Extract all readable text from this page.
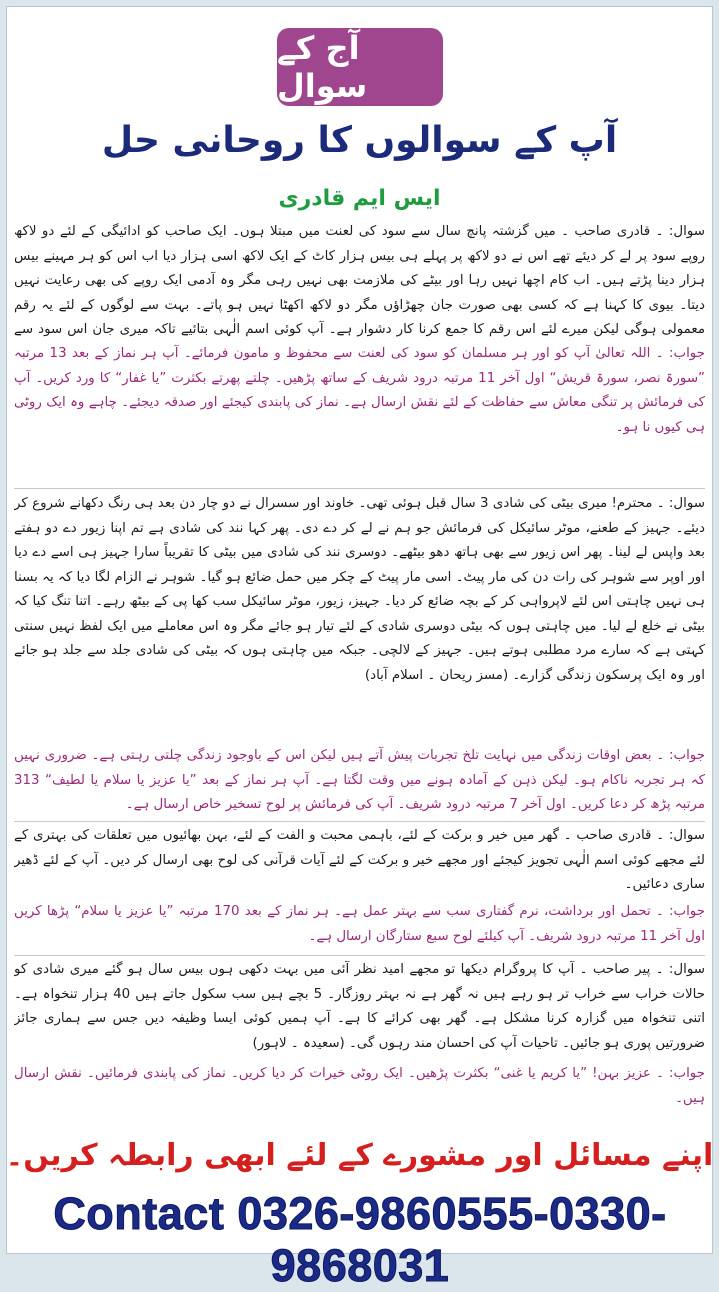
آج کے سوال
آپ کے سوالوں کا روحانی حل
ایس ایم قادری
سوال: ۔ قادری صاحب ۔ میں گزشتہ پانچ سال سے سود کی لعنت میں مبتلا ہوں۔ ایک صاحب کو ادائیگی کے لئے دو لاکھ روپے سود پر لے کر دیئے تھے اس نے دو لاکھ پر پہلے ہی بیس ہزار کاٹ کے ایک لاکھ اسی ہزار دیا اب اس کو ہر مہینے بیس ہزار دینا پڑتے ہیں۔ اب کام اچھا نہیں رہا اور بیٹے کی ملازمت بھی نہیں رہی مگر وہ آدمی ایک روپے کی بھی رعایت نہیں دیتا۔ بیوی کا کہنا ہے کہ کسی بھی صورت جان چھڑاؤں مگر دو لاکھ اکھٹا نہیں ہو پاتے۔ بہت سے لوگوں کے لئے یہ رقم معمولی ہوگی لیکن میرے لئے اس رقم کا جمع کرنا کار دشوار ہے۔ آپ کوئی اسم الٰہی بتائیے تاکہ میری جان اس سود سے
جواب: ۔ اللہ تعالیٰ آپ کو اور ہر مسلمان کو سود کی لعنت سے محفوظ و مامون فرمائے۔ آپ ہر نماز کے بعد 13 مرتبہ ”سورۃ نصر، سورۃ قریش“ اول آخر 11 مرتبہ درود شریف کے ساتھ پڑھیں۔ چلتے پھرتے بکثرت ”یا غفار“ کا ورد کریں۔ آپ کی فرمائش پر تنگی معاش سے حفاظت کے لئے نقش ارسال ہے۔ نماز کی پابندی کیجئے اور صدقہ دیجئے۔ چاہے وہ ایک روٹی ہی کیوں نا ہو۔
سوال: ۔ محترم! میری بیٹی کی شادی 3 سال قبل ہوئی تھی۔ خاوند اور سسرال نے دو چار دن بعد ہی رنگ دکھانے شروع کر دیئے۔ جہیز کے طعنے، موٹر سائیکل کی فرمائش جو ہم نے لے کر دے دی۔ پھر کہا نند کی شادی ہے تم اپنا زیور دے دو ہفتے بعد واپس لے لینا۔ پھر اس زیور سے بھی ہاتھ دھو بیٹھے۔ دوسری نند کی شادی میں بیٹی کا تقریباً سارا جہیز ہی اسے دے دیا اور اوپر سے شوہر کی رات دن کی مار پیٹ۔ اسی مار پیٹ کے چکر میں حمل ضائع ہو گیا۔ شوہر نے الزام لگا دیا کہ یہ بسنا ہی نہیں چاہتی اس لئے لاپرواہی کر کے بچہ ضائع کر دیا۔ جہیز، زیور، موٹر سائیکل سب کھا پی کے بیٹھ رہے۔ اتنا تنگ کیا کہ بیٹی نے خلع لے لیا۔ میں چاہتی ہوں کہ بیٹی دوسری شادی کے لئے تیار ہو جائے مگر وہ اس معاملے میں ایک لفظ نہیں سنتی کہتی ہے کہ سارے مرد مطلبی ہوتے ہیں۔ جہیز کے لالچی۔ جبکہ میں چاہتی ہوں کہ بیٹی کی شادی جلد سے جلد ہو جائے اور وہ ایک پرسکون زندگی گزارے۔ (مسز ریحان ۔ اسلام آباد)
جواب: ۔ بعض اوقات زندگی میں نہایت تلخ تجربات پیش آتے ہیں لیکن اس کے باوجود زندگی چلتی رہتی ہے۔ ضروری نہیں کہ ہر تجربہ ناکام ہو۔ لیکن ذہن کے آمادہ ہونے میں وقت لگتا ہے۔ آپ ہر نماز کے بعد ”یا عزیز یا سلام یا لطیف“ 313 مرتبہ پڑھ کر دعا کریں۔ اول آخر 7 مرتبہ درود شریف۔ آپ کی فرمائش پر لوح تسخیر خاص ارسال ہے۔
سوال: ۔ قادری صاحب ۔ گھر میں خیر و برکت کے لئے، باہمی محبت و الفت کے لئے، بہن بھائیوں میں تعلقات کی بہتری کے لئے مجھے کوئی اسم الٰہی تجویز کیجئے اور مجھے خیر و برکت کے لئے آیات قرآنی کی لوح بھی ارسال کر دیں۔ آپ کے لئے ڈھیر ساری دعائیں۔
جواب: ۔ تحمل اور برداشت، نرم گفتاری سب سے بہتر عمل ہے۔ ہر نماز کے بعد 170 مرتبہ ”یا عزیز یا سلام“ پڑھا کریں اول آخر 11 مرتبہ درود شریف۔ آپ کیلئے لوح سبع ستارگان ارسال ہے۔
سوال: ۔ پیر صاحب ۔ آپ کا پروگرام دیکھا تو مجھے امید نظر آئی میں بہت دکھی ہوں بیس سال ہو گئے میری شادی کو حالات خراب سے خراب تر ہو رہے ہیں نہ گھر ہے نہ بہتر روزگار۔ 5 بچے ہیں سب سکول جاتے ہیں 40 ہزار تنخواہ ہے۔ اتنی تنخواہ میں گزارہ کرنا مشکل ہے۔ گھر بھی کرائے کا ہے۔ آپ ہمیں کوئی ایسا وظیفہ دیں جس سے ہماری جائز ضرورتیں پوری ہو جائیں۔ تاحیات آپ کی احسان مند رہوں گی۔ (سعیدہ ۔ لاہور)
جواب: ۔ عزیز بہن! ”یا کریم یا غنی“ بکثرت پڑھیں۔ ایک روٹی خیرات کر دیا کریں۔ نماز کی پابندی فرمائیں۔ نقش ارسال ہیں۔
اپنے مسائل اور مشورے کے لئے ابھی رابطہ کریں۔
Contact 0326-9860555-0330-9868031
